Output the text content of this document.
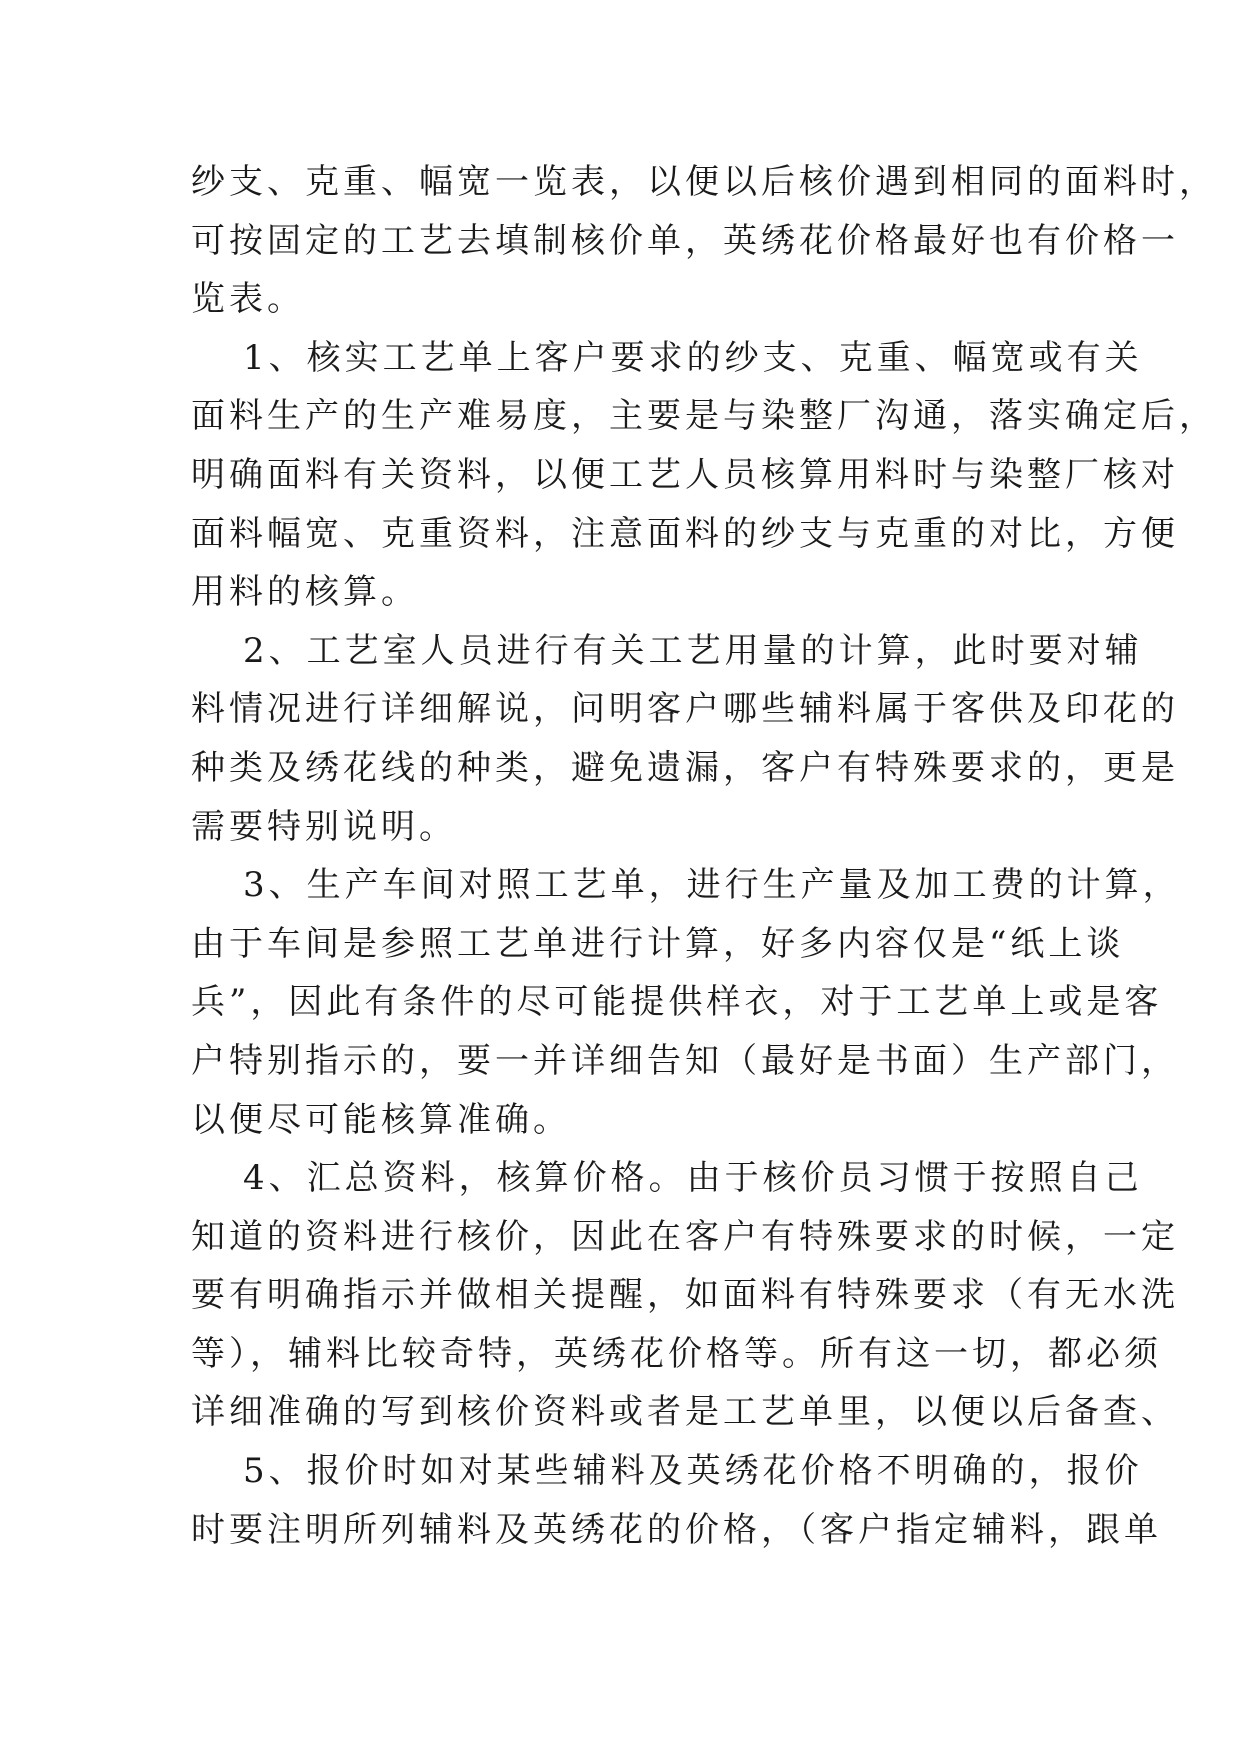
纱支、克重、幅宽一览表，以便以后核价遇到相同的面料时，
可按固定的工艺去填制核价单，英绣花价格最好也有价格一
览表。
1、核实工艺单上客户要求的纱支、克重、幅宽或有关
面料生产的生产难易度，主要是与染整厂沟通，落实确定后，
明确面料有关资料，以便工艺人员核算用料时与染整厂核对
面料幅宽、克重资料，注意面料的纱支与克重的对比，方便
用料的核算。
2、工艺室人员进行有关工艺用量的计算，此时要对辅
料情况进行详细解说，问明客户哪些辅料属于客供及印花的
种类及绣花线的种类，避免遗漏，客户有特殊要求的，更是
需要特别说明。
3、生产车间对照工艺单，进行生产量及加工费的计算，
由于车间是参照工艺单进行计算，好多内容仅是“纸上谈
兵”，因此有条件的尽可能提供样衣，对于工艺单上或是客
户特别指示的，要一并详细告知（最好是书面）生产部门，
以便尽可能核算准确。
4、汇总资料，核算价格。由于核价员习惯于按照自己
知道的资料进行核价，因此在客户有特殊要求的时候，一定
要有明确指示并做相关提醒，如面料有特殊要求（有无水洗
等），辅料比较奇特，英绣花价格等。所有这一切，都必须
详细准确的写到核价资料或者是工艺单里，以便以后备查、
5、报价时如对某些辅料及英绣花价格不明确的，报价
时要注明所列辅料及英绣花的价格，（客户指定辅料，跟单
